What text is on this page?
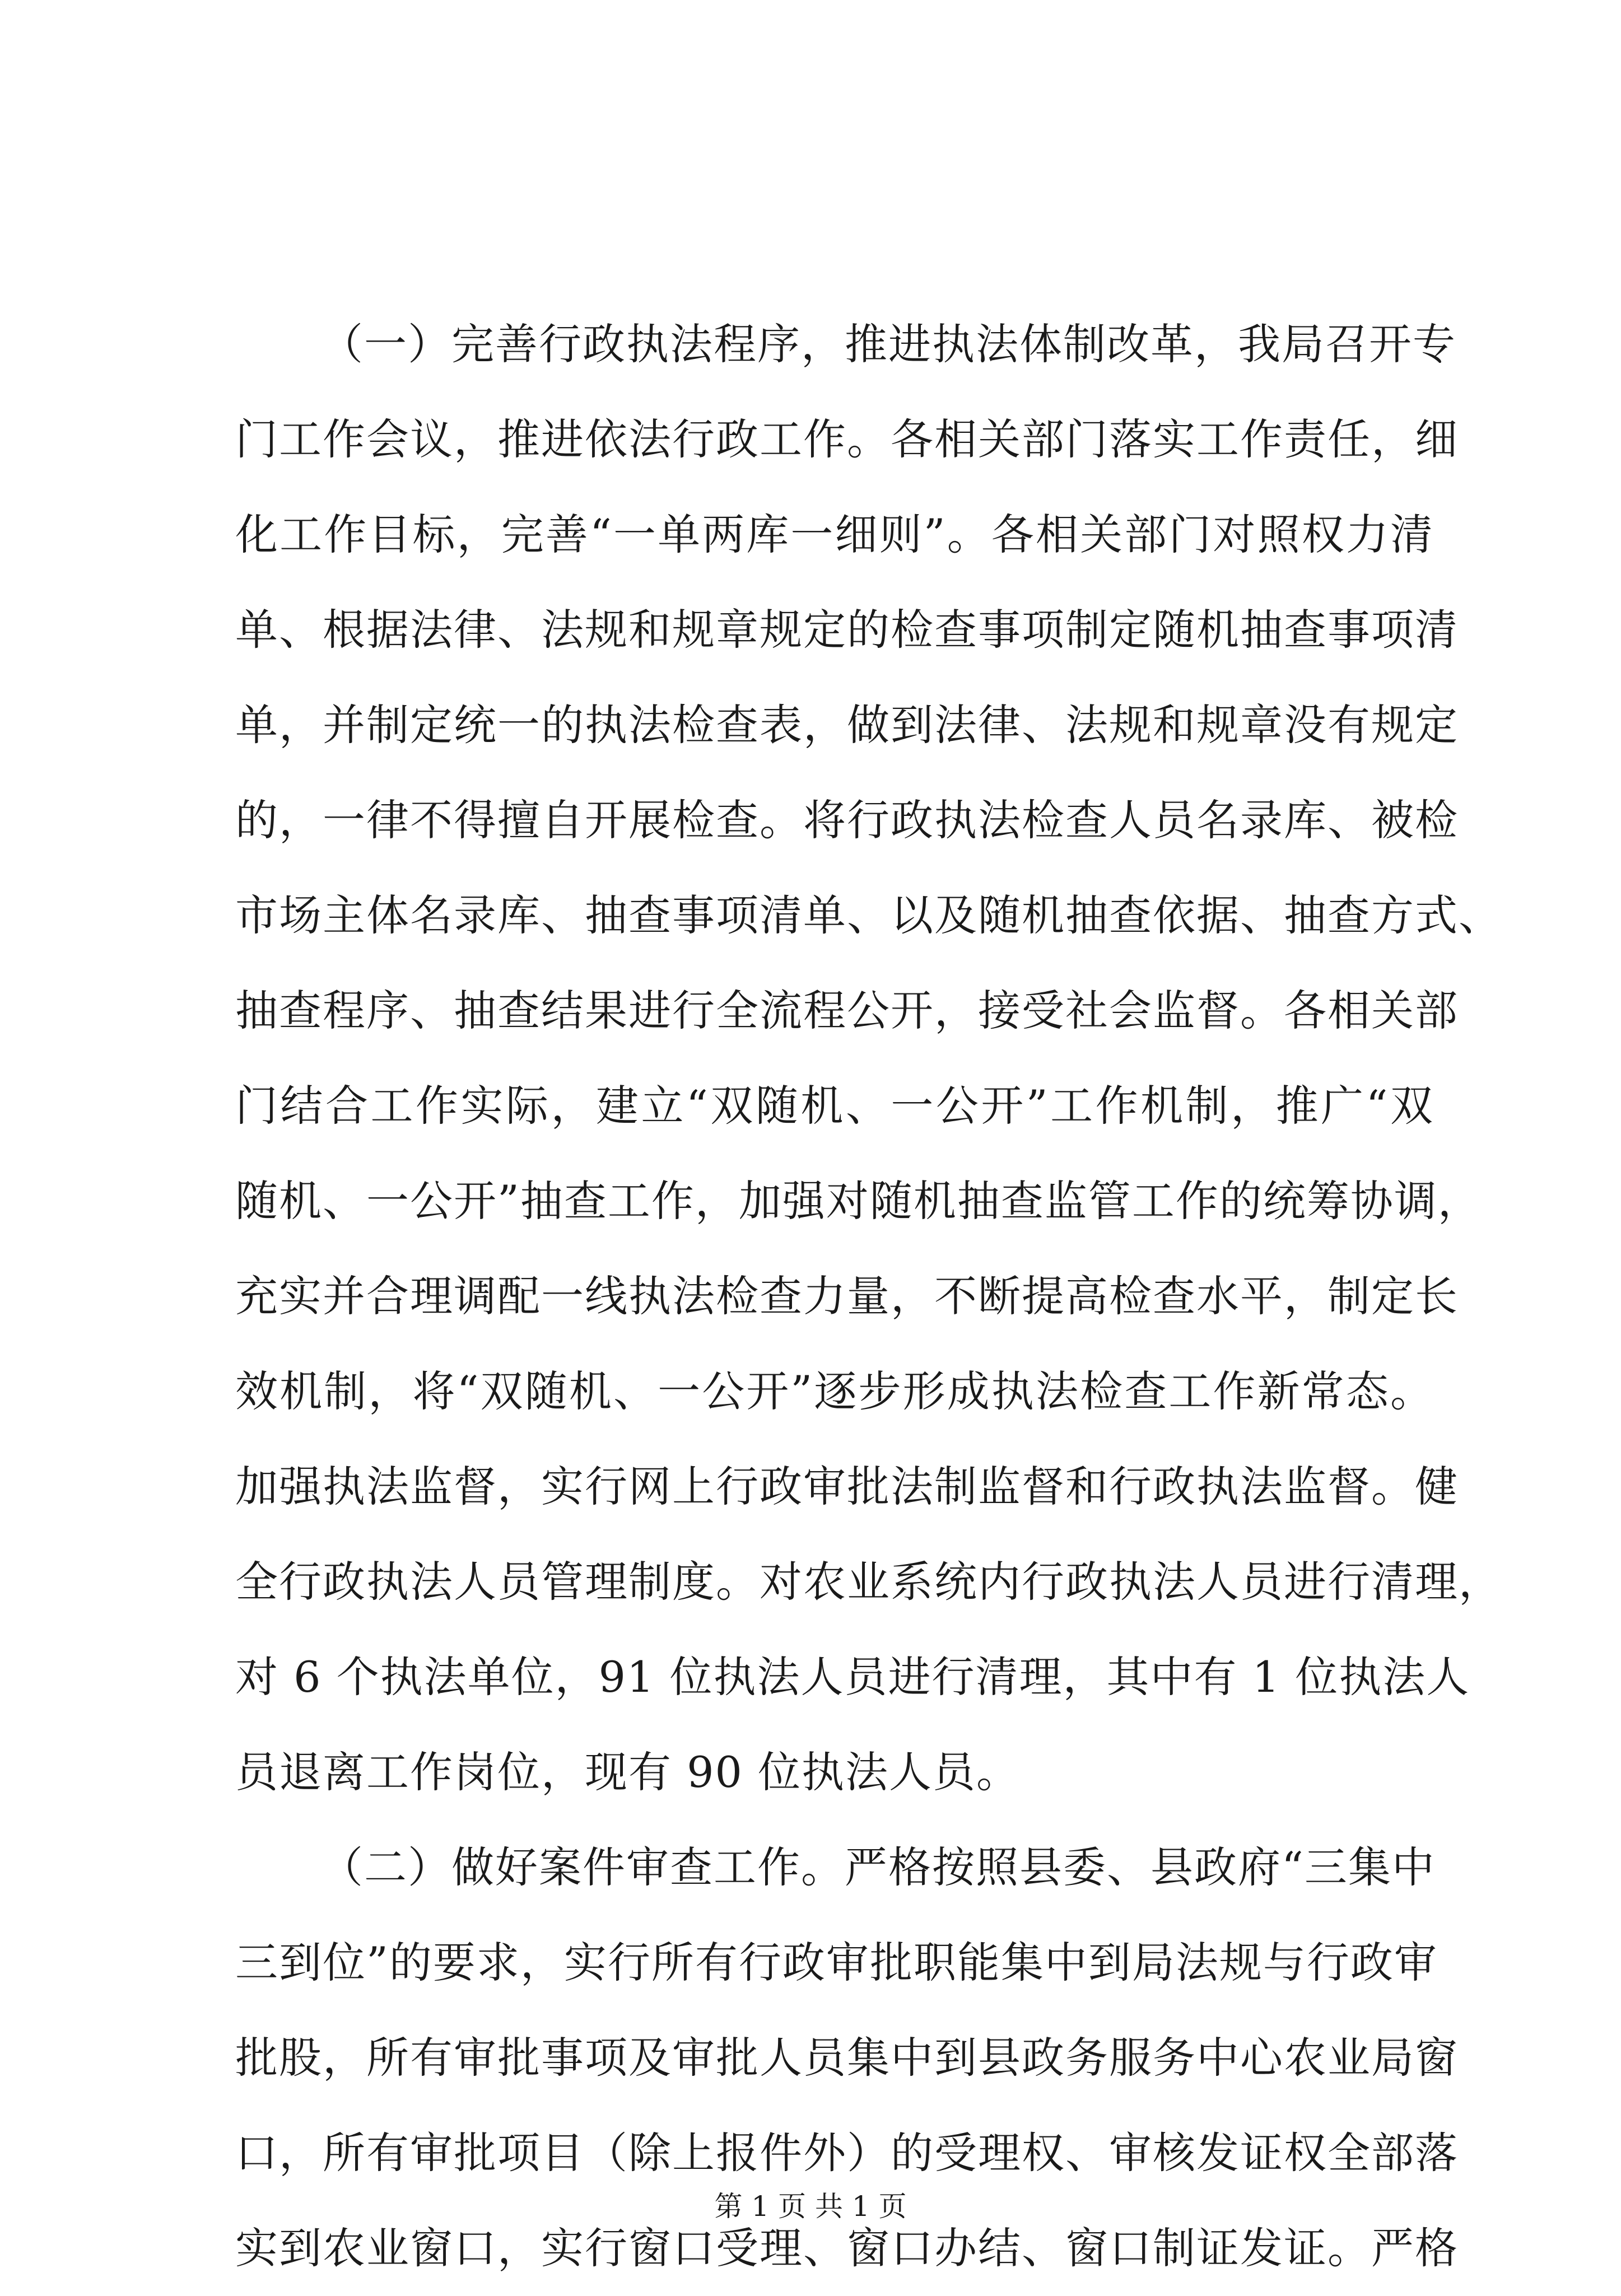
（一）完善行政执法程序，推进执法体制改革，我局召开专
门工作会议，推进依法行政工作。各相关部门落实工作责任，细
化工作目标，完善“一单两库一细则”。各相关部门对照权力清
单、根据法律、法规和规章规定的检查事项制定随机抽查事项清
单，并制定统一的执法检查表，做到法律、法规和规章没有规定
的，一律不得擅自开展检查。将行政执法检查人员名录库、被检
市场主体名录库、抽查事项清单、以及随机抽查依据、抽查方式、
抽查程序、抽查结果进行全流程公开，接受社会监督。各相关部
门结合工作实际，建立“双随机、一公开”工作机制，推广“双
随机、一公开”抽查工作，加强对随机抽查监管工作的统筹协调，
充实并合理调配一线执法检查力量，不断提高检查水平，制定长
效机制，将“双随机、一公开”逐步形成执法检查工作新常态。
加强执法监督，实行网上行政审批法制监督和行政执法监督。健
全行政执法人员管理制度。对农业系统内行政执法人员进行清理，
对 6 个执法单位，91 位执法人员进行清理，其中有 1 位执法人
员退离工作岗位，现有 90 位执法人员。
（二）做好案件审查工作。严格按照县委、县政府“三集中
三到位”的要求，实行所有行政审批职能集中到局法规与行政审
批股，所有审批事项及审批人员集中到县政务服务中心农业局窗
口，所有审批项目（除上报件外）的受理权、审核发证权全部落
实到农业窗口，实行窗口受理、窗口办结、窗口制证发证。严格
第 1 页 共 1 页
